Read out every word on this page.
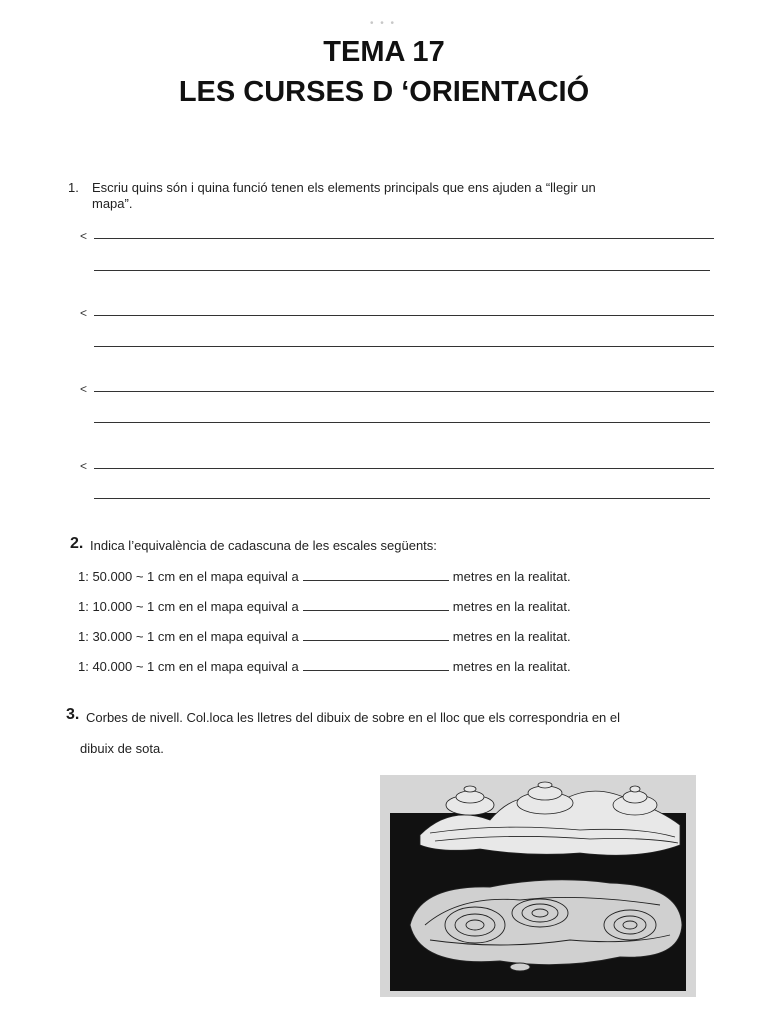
• • •
TEMA 17
LES CURSES D ‘ORIENTACIÓ
1. Escriu quins són i quina funció tenen els elements principals que ens ajuden a “llegir un
mapa”.
<
<
<
<
2. Indica l’equivalència de cadascuna de les escales següents:
1: 50.000 ~ 1 cm en el mapa equival a	metres en la realitat.
1: 10.000 ~ 1 cm en el mapa equival a	metres en la realitat.
1: 30.000 ~ 1 cm en el mapa equival a	metres en la realitat.
1: 40.000 ~ 1 cm en el mapa equival a	metres en la realitat.
3. Corbes de nivell. Col.loca les lletres del dibuix de sobre en el lloc que els correspondria en el
dibuix de sota.
